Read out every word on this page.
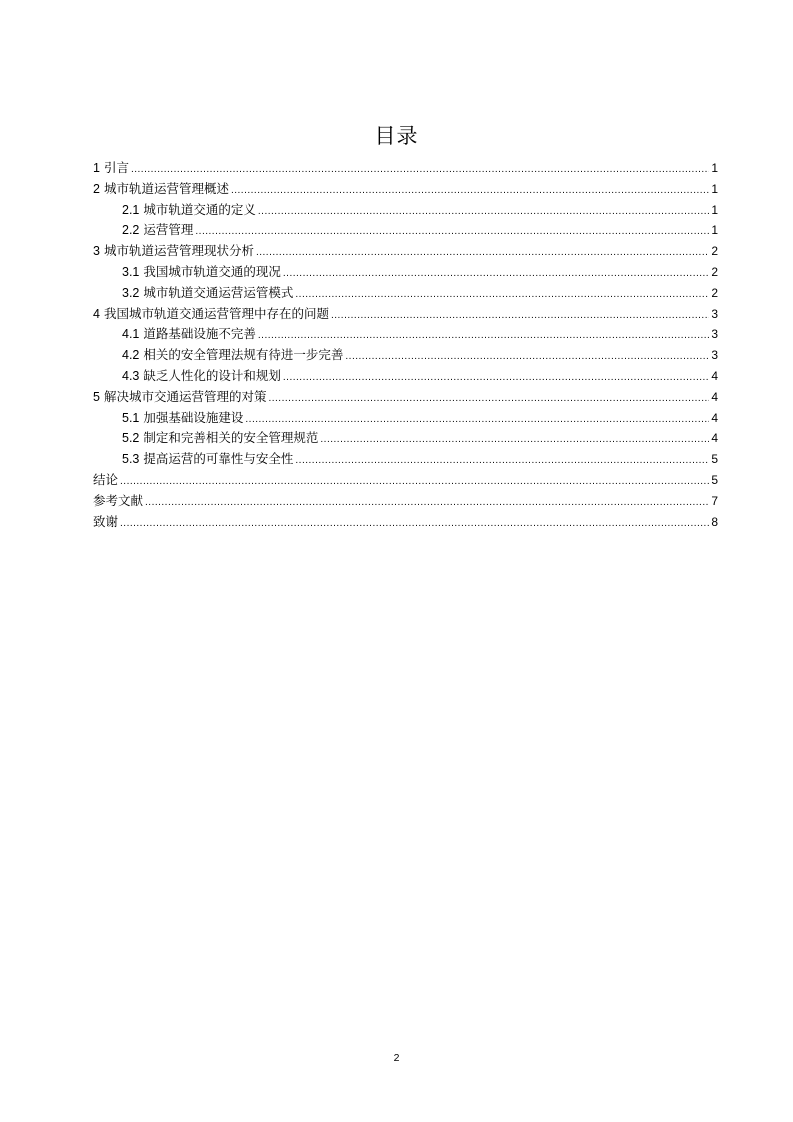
目录
1 引言 .....	1
2 城市轨道运营管理概述 .....	1
2.1 城市轨道交通的定义 .....	1
2.2 运营管理 .....	1
3 城市轨道运营管理现状分析 .....	2
3.1 我国城市轨道交通的现况 .....	2
3.2 城市轨道交通运营运管模式 .....	2
4 我国城市轨道交通运营管理中存在的问题 .....	3
4.1 道路基础设施不完善 .....	3
4.2 相关的安全管理法规有待进一步完善 .....	3
4.3 缺乏人性化的设计和规划 .....	4
5 解决城市交通运营管理的对策 .....	4
5.1 加强基础设施建设 .....	4
5.2 制定和完善相关的安全管理规范 .....	4
5.3 提高运营的可靠性与安全性 .....	5
结论 .....	5
参考文献 .....	7
致谢 .....	8
2
